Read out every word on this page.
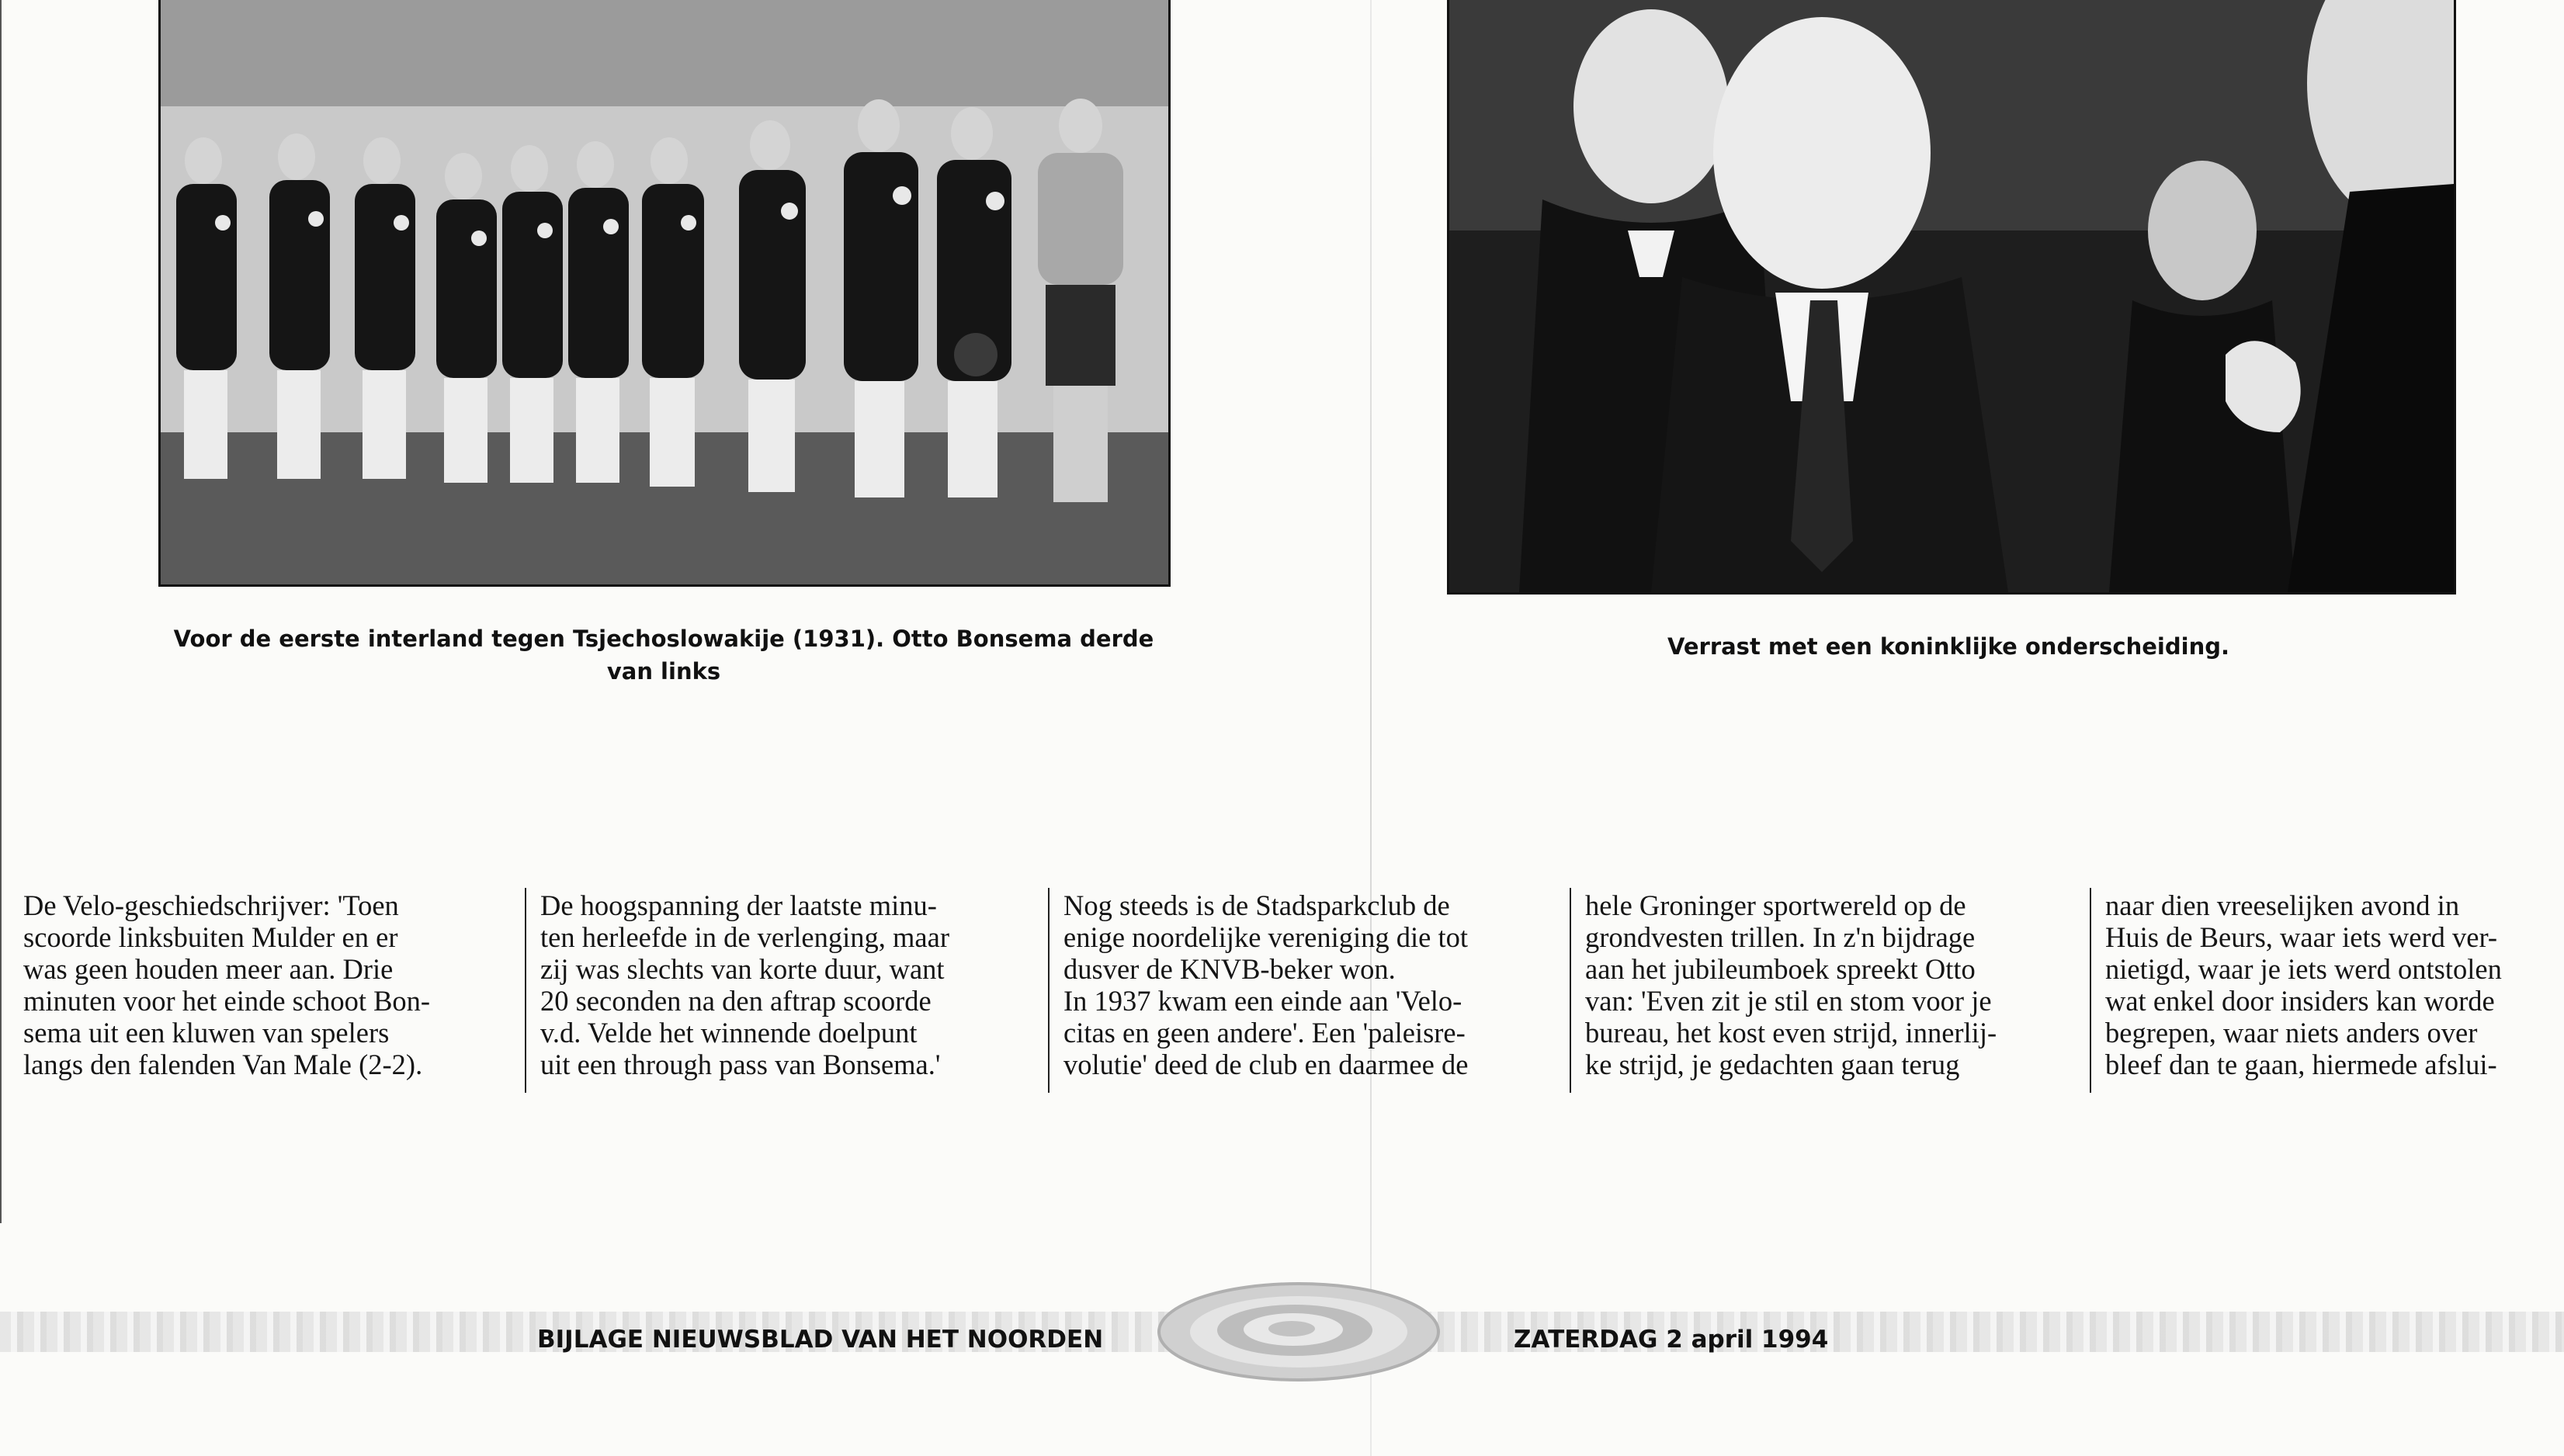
Voor de eerste interland tegen Tsjechoslowakije (1931). Otto Bonsema derde van links
Verrast met een koninklijke onderscheiding.

De Velo-geschiedschrijver: 'Toen

scoorde linksbuiten Mulder en er

was geen houden meer aan. Drie

minuten voor het einde schoot Bon-

sema uit een kluwen van spelers

langs den falenden Van Male (2-2).

De hoogspanning der laatste minu-

ten herleefde in de verlenging, maar

zij was slechts van korte duur, want

20 seconden na den aftrap scoorde

v.d. Velde het winnende doelpunt

uit een through pass van Bonsema.'

Nog steeds is de Stadsparkclub de

enige noordelijke vereniging die tot

dusver de KNVB-beker won.

In 1937 kwam een einde aan 'Velo-

citas en geen andere'. Een 'paleisre-

volutie' deed de club en daarmee de

hele Groninger sportwereld op de

grondvesten trillen. In z'n bijdrage

aan het jubileumboek spreekt Otto

van: 'Even zit je stil en stom voor je

bureau, het kost even strijd, innerlij-

ke strijd, je gedachten gaan terug

naar dien vreeselijken avond in

Huis de Beurs, waar iets werd ver-

nietigd, waar je iets werd ontstolen

wat enkel door insiders kan worde

begrepen, waar niets anders over

bleef dan te gaan, hiermede afslui-

BIJLAGE NIEUWSBLAD VAN HET NOORDEN	ZATERDAG 2 april 1994
